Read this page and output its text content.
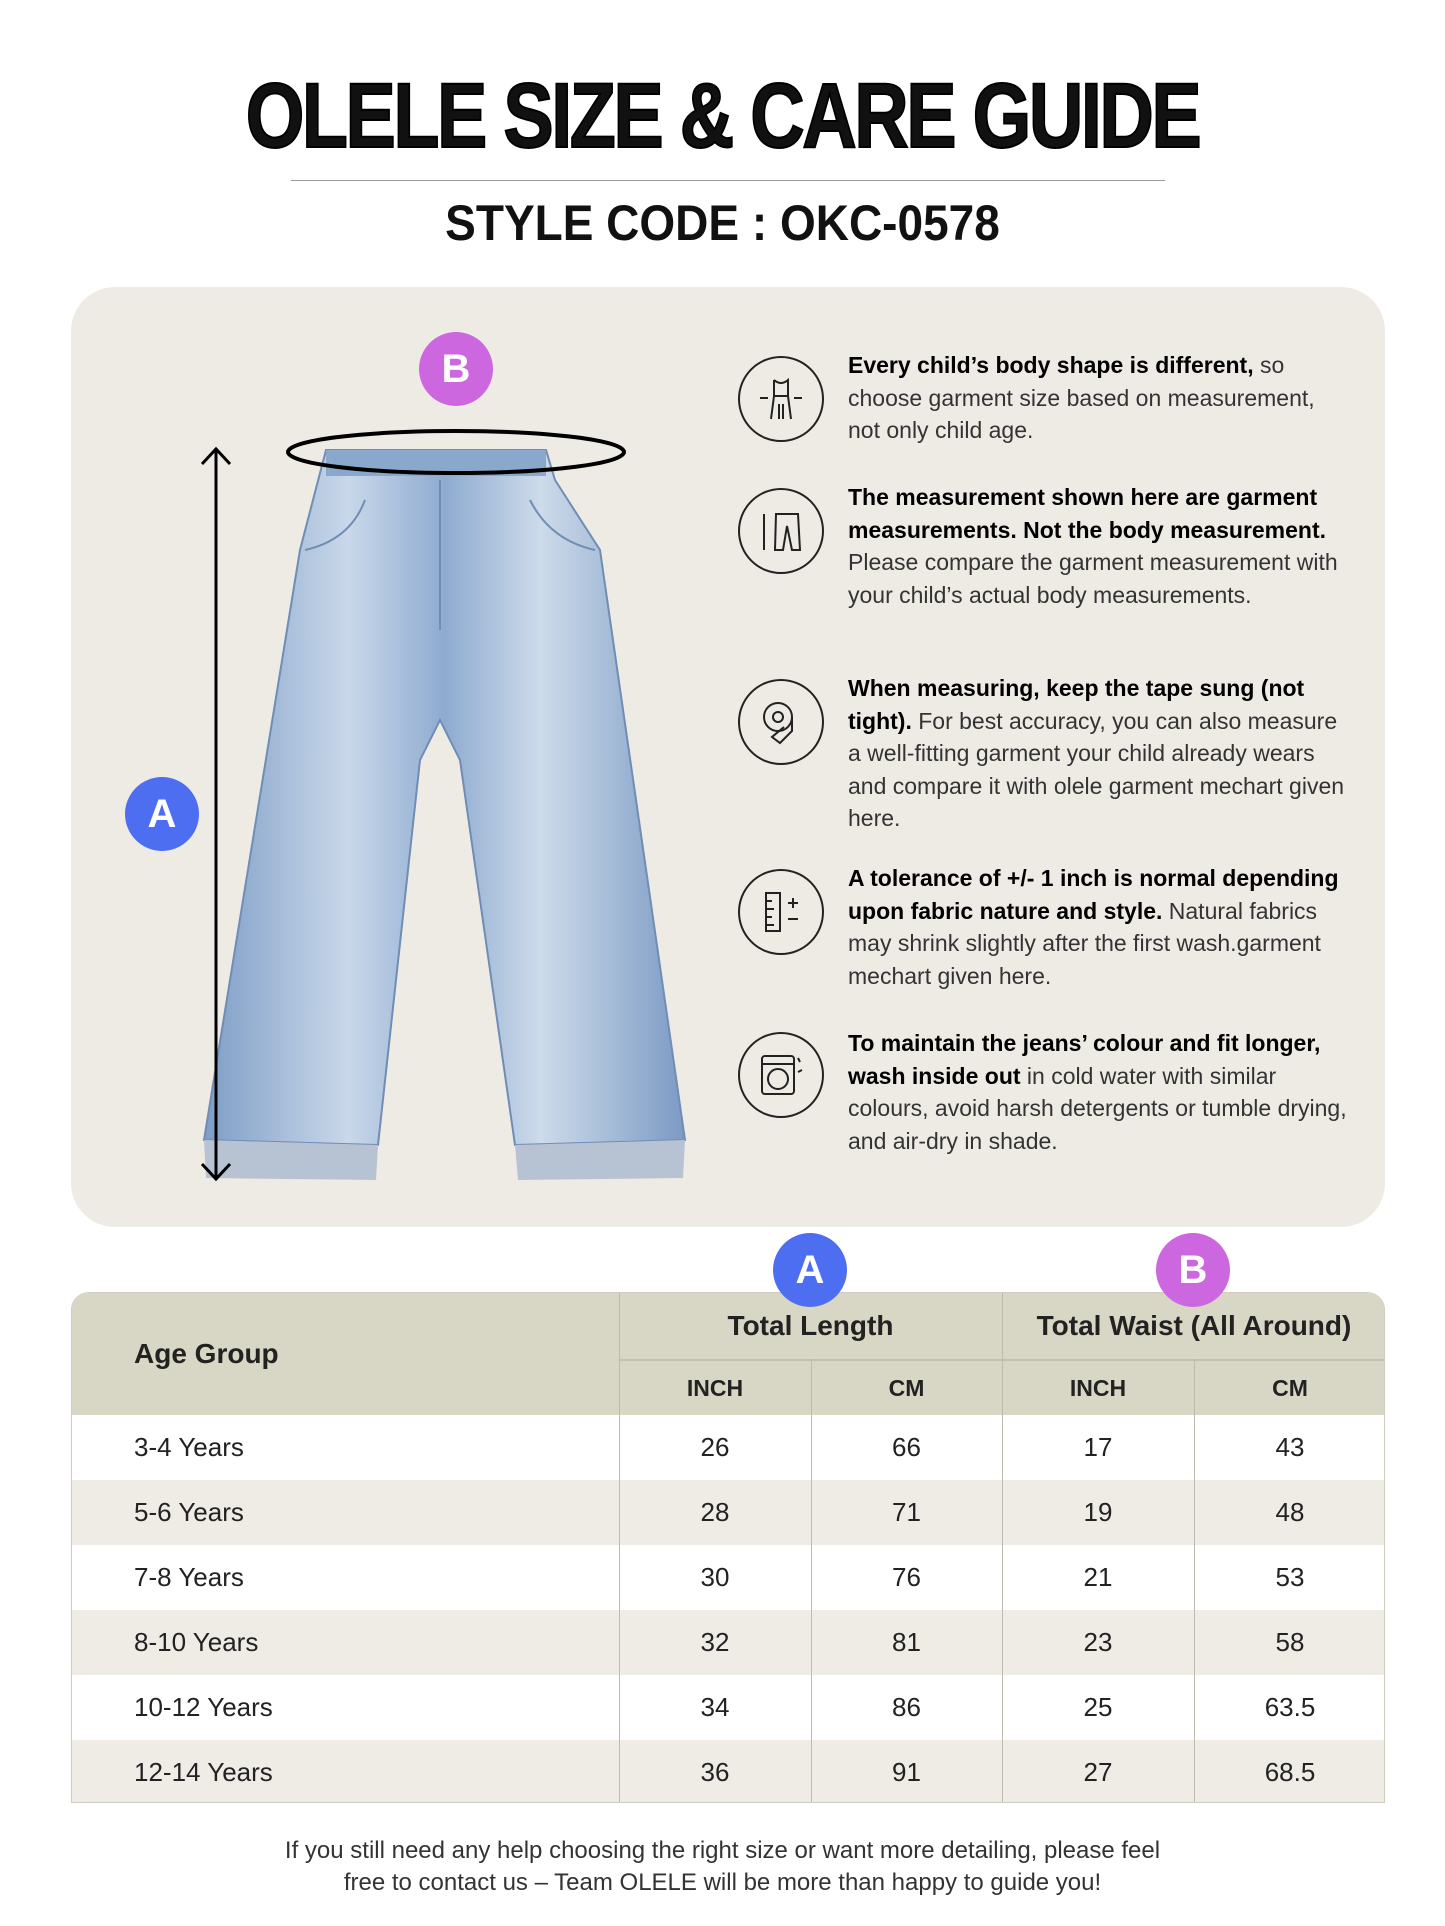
OLELE SIZE & CARE GUIDE
STYLE CODE : OKC-0578
B
A
Every child’s body shape is different, so choose garment size based on measurement, not only child age.
The measurement shown here are garment measurements. Not the body measurement. Please compare the garment measurement with your child’s actual body measurements.
When measuring, keep the tape sung (not tight). For best accuracy, you can also measure a well-fitting garment your child already wears and compare it with olele garment mechart given here.
A tolerance of +/- 1 inch is normal depending upon fabric nature and style. Natural fabrics may shrink slightly after the first wash.garment mechart given here.
To maintain the jeans’ colour and fit longer, wash inside out in cold water with similar colours, avoid harsh detergents or tumble drying, and air-dry in shade.
Age Group
Total Length	Total Waist (All Around)
INCH	CM	INCH	CM
3-4 Years	26	66	17	43
5-6 Years	28	71	19	48
7-8 Years	30	76	21	53
8-10 Years	32	81	23	58
10-12 Years	34	86	25	63.5
12-14 Years	36	91	27	68.5
A	B
If you still need any help choosing the right size or want more detailing, please feel
free to contact us – Team OLELE will be more than happy to guide you!
